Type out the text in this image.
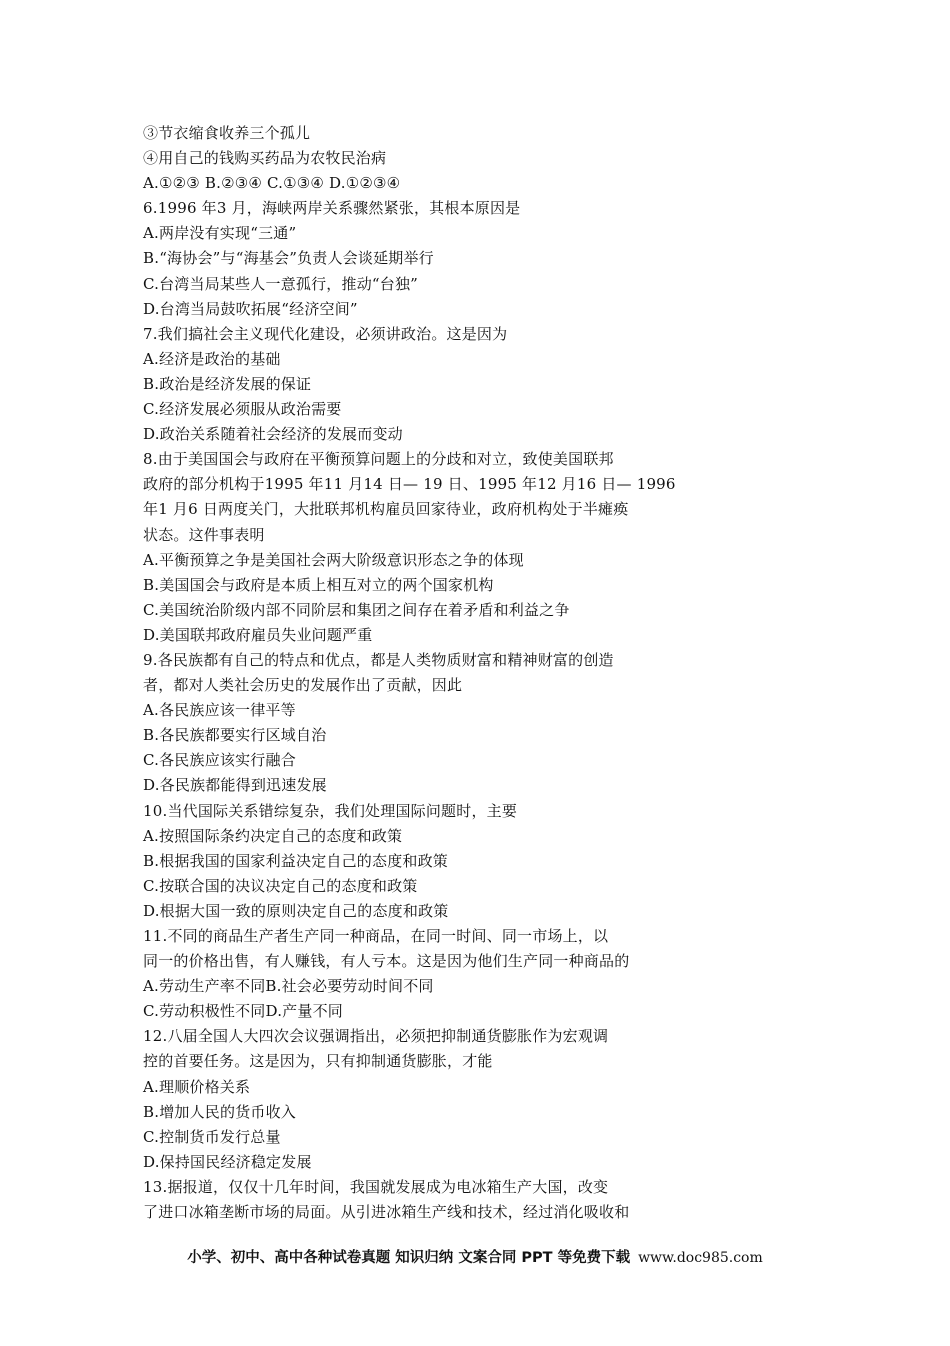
③节衣缩食收养三个孤儿
④用自己的钱购买药品为农牧民治病
A.①②③ B.②③④ C.①③④ D.①②③④
6.1996 年3 月，海峡两岸关系骤然紧张，其根本原因是
A.两岸没有实现“三通”
B.“海协会”与“海基会”负责人会谈延期举行
C.台湾当局某些人一意孤行，推动“台独”
D.台湾当局鼓吹拓展“经济空间”
7.我们搞社会主义现代化建设，必须讲政治。这是因为
A.经济是政治的基础
B.政治是经济发展的保证
C.经济发展必须服从政治需要
D.政治关系随着社会经济的发展而变动
8.由于美国国会与政府在平衡预算问题上的分歧和对立，致使美国联邦
政府的部分机构于1995 年11 月14 日— 19 日、1995 年12 月16 日— 1996
年1 月6 日两度关门，大批联邦机构雇员回家待业，政府机构处于半瘫痪
状态。这件事表明
A.平衡预算之争是美国社会两大阶级意识形态之争的体现
B.美国国会与政府是本质上相互对立的两个国家机构
C.美国统治阶级内部不同阶层和集团之间存在着矛盾和利益之争
D.美国联邦政府雇员失业问题严重
9.各民族都有自己的特点和优点，都是人类物质财富和精神财富的创造
者，都对人类社会历史的发展作出了贡献，因此
A.各民族应该一律平等
B.各民族都要实行区域自治
C.各民族应该实行融合
D.各民族都能得到迅速发展
10.当代国际关系错综复杂，我们处理国际问题时，主要
A.按照国际条约决定自己的态度和政策
B.根据我国的国家利益决定自己的态度和政策
C.按联合国的决议决定自己的态度和政策
D.根据大国一致的原则决定自己的态度和政策
11.不同的商品生产者生产同一种商品，在同一时间、同一市场上，以
同一的价格出售，有人赚钱，有人亏本。这是因为他们生产同一种商品的
A.劳动生产率不同B.社会必要劳动时间不同
C.劳动积极性不同D.产量不同
12.八届全国人大四次会议强调指出，必须把抑制通货膨胀作为宏观调
控的首要任务。这是因为，只有抑制通货膨胀，才能
A.理顺价格关系
B.增加人民的货币收入
C.控制货币发行总量
D.保持国民经济稳定发展
13.据报道，仅仅十几年时间，我国就发展成为电冰箱生产大国，改变
了进口冰箱垄断市场的局面。从引进冰箱生产线和技术，经过消化吸收和
小学、初中、高中各种试卷真题 知识归纳 文案合同 PPT 等免费下载 www.doc985.com
